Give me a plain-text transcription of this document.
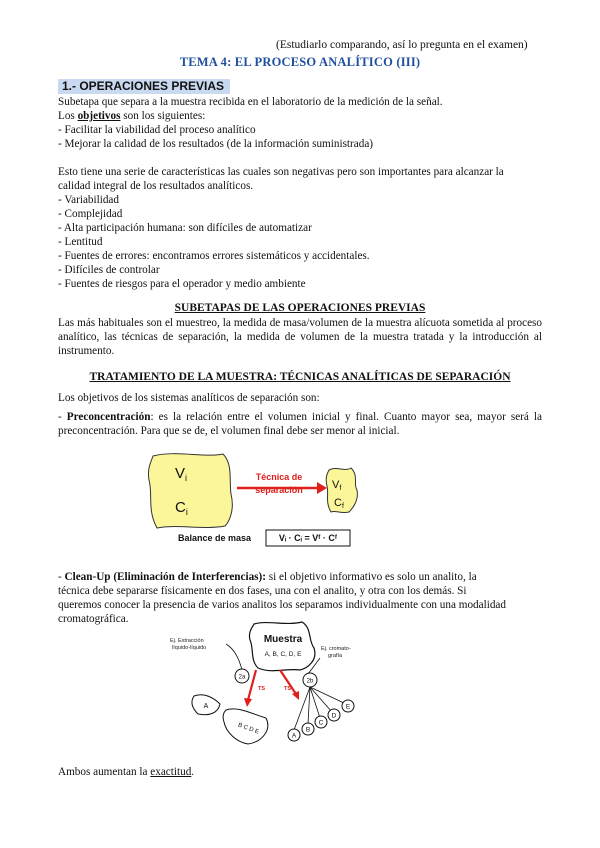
(Estudiarlo comparando, así lo pregunta en el examen)
TEMA 4: EL PROCESO ANALÍTICO (III)
1.- OPERACIONES PREVIAS
Subetapa que separa a la muestra recibida en el laboratorio de la medición de la señal.
Los objetivos son los siguientes:
- Facilitar la viabilidad del proceso analítico
- Mejorar la calidad de los resultados (de la información suministrada)
Esto tiene una serie de características las cuales son negativas pero son importantes para alcanzar la
calidad integral de los resultados analíticos.
- Variabilidad
- Complejidad
- Alta participación humana: son difíciles de automatizar
- Lentitud
- Fuentes de errores: encontramos errores sistemáticos y accidentales.
- Difíciles de controlar
- Fuentes de riesgos para el operador y medio ambiente
SUBETAPAS DE LAS OPERACIONES PREVIAS
Las más habituales son el muestreo, la medida de masa/volumen de la muestra alícuota sometida al proceso analítico, las técnicas de separación, la medida de volumen de la muestra tratada y la introducción al instrumento.
TRATAMIENTO DE LA MUESTRA: TÉCNICAS ANALÍTICAS DE SEPARACIÓN
Los objetivos de los sistemas analíticos de separación son:
- Preconcentración: es la relación entre el volumen inicial y final. Cuanto mayor sea, mayor será la preconcentración. Para que se de, el volumen final debe ser menor al inicial.
$V_i$
$C_i$
Técnica de
separación	Vf
Cf
Balance de masa	Vᵢ · Cᵢ = Vᶠ · Cᶠ
- Clean-Up (Eliminación de Interferencias): si el objetivo informativo es solo un analito, la
técnica debe separarse físicamente en dos fases, una con el analito, y otra con los demás. Si
queremos conocer la presencia de varios analitos los separamos individualmente con una modalidad
cromatográfica.
Muestra
A, B, C, D, E
Ej. Extracción
líquido-líquido	Ej. cromato-
grafía
2a
2b
TS	TS
A
B C D E
A
B
C
D
E
Ambos aumentan la exactitud.
